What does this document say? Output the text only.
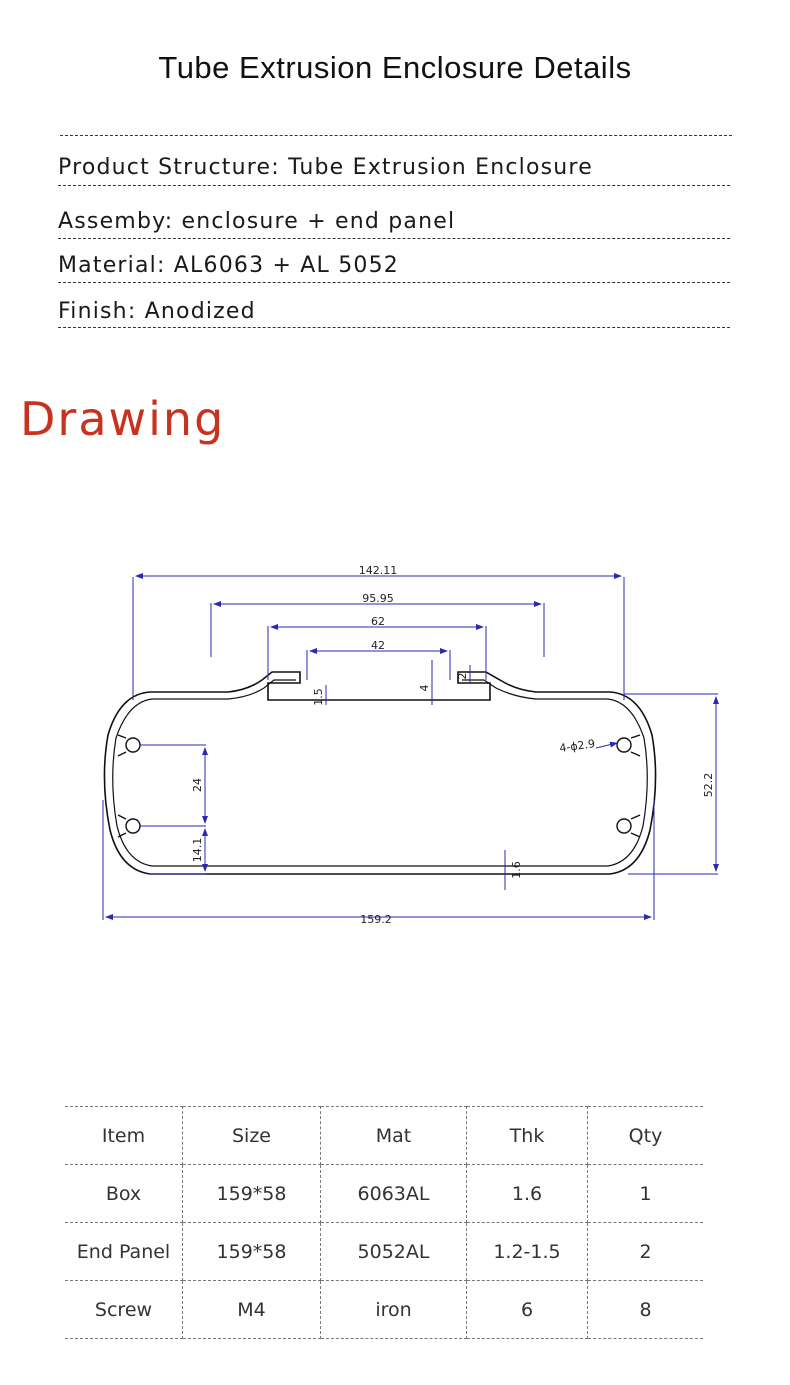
Tube Extrusion Enclosure Details
Product Structure: Tube Extrusion Enclosure
Assemby: enclosure + end panel
Material: AL6063 + AL 5052
Finish: Anodized
Drawing
142.11
95.95
62
42
1.5
4
2
4-ϕ2.9
52.2
24
14.1
1.6
159.2
Item	Size	Mat	Thk	Qty
Box	159*58	6063AL	1.6	1
End Panel	159*58	5052AL	1.2-1.5	2
Screw	M4	iron	6	8
